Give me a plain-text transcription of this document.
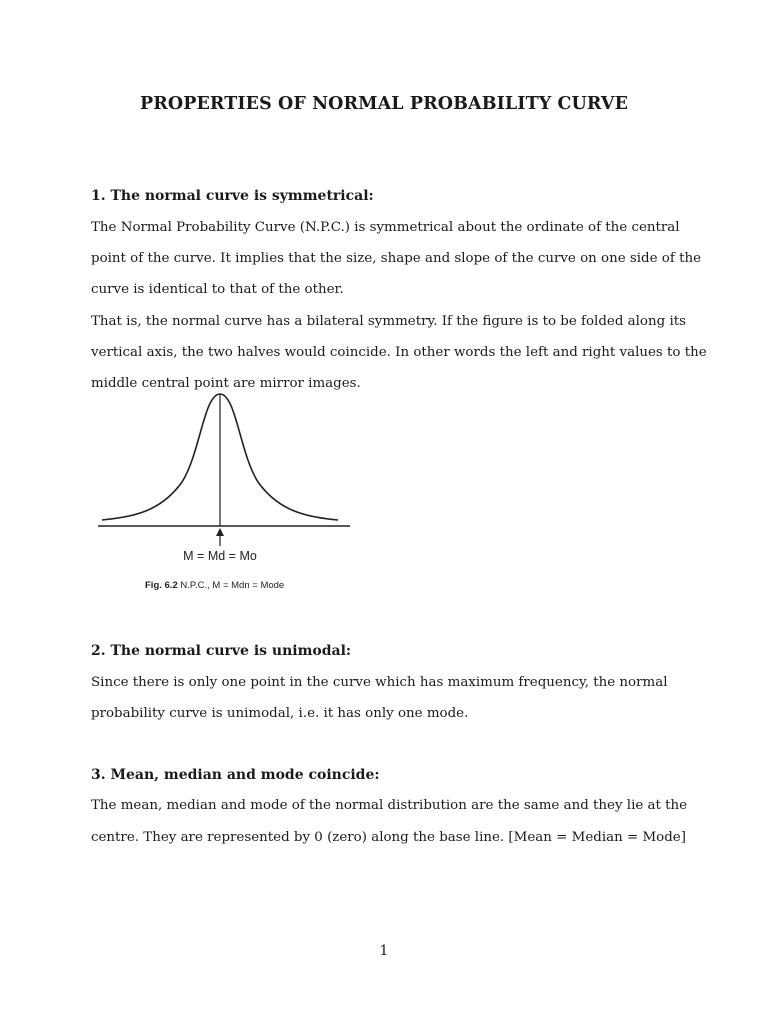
PROPERTIES OF NORMAL PROBABILITY CURVE
1. The normal curve is symmetrical:
The Normal Probability Curve (N.P.C.) is symmetrical about the ordinate of the central
point of the curve. It implies that the size, shape and slope of the curve on one side of the
curve is identical to that of the other.
That is, the normal curve has a bilateral symmetry. If the figure is to be folded along its
vertical axis, the two halves would coincide. In other words the left and right values to the
middle central point are mirror images.
M = Md = Mo
Fig. 6.2 N.P.C., M = Mdn = Mode
2. The normal curve is unimodal:
Since there is only one point in the curve which has maximum frequency, the normal
probability curve is unimodal, i.e. it has only one mode.
3. Mean, median and mode coincide:
The mean, median and mode of the normal distribution are the same and they lie at the
centre. They are represented by 0 (zero) along the base line. [Mean = Median = Mode]
1
